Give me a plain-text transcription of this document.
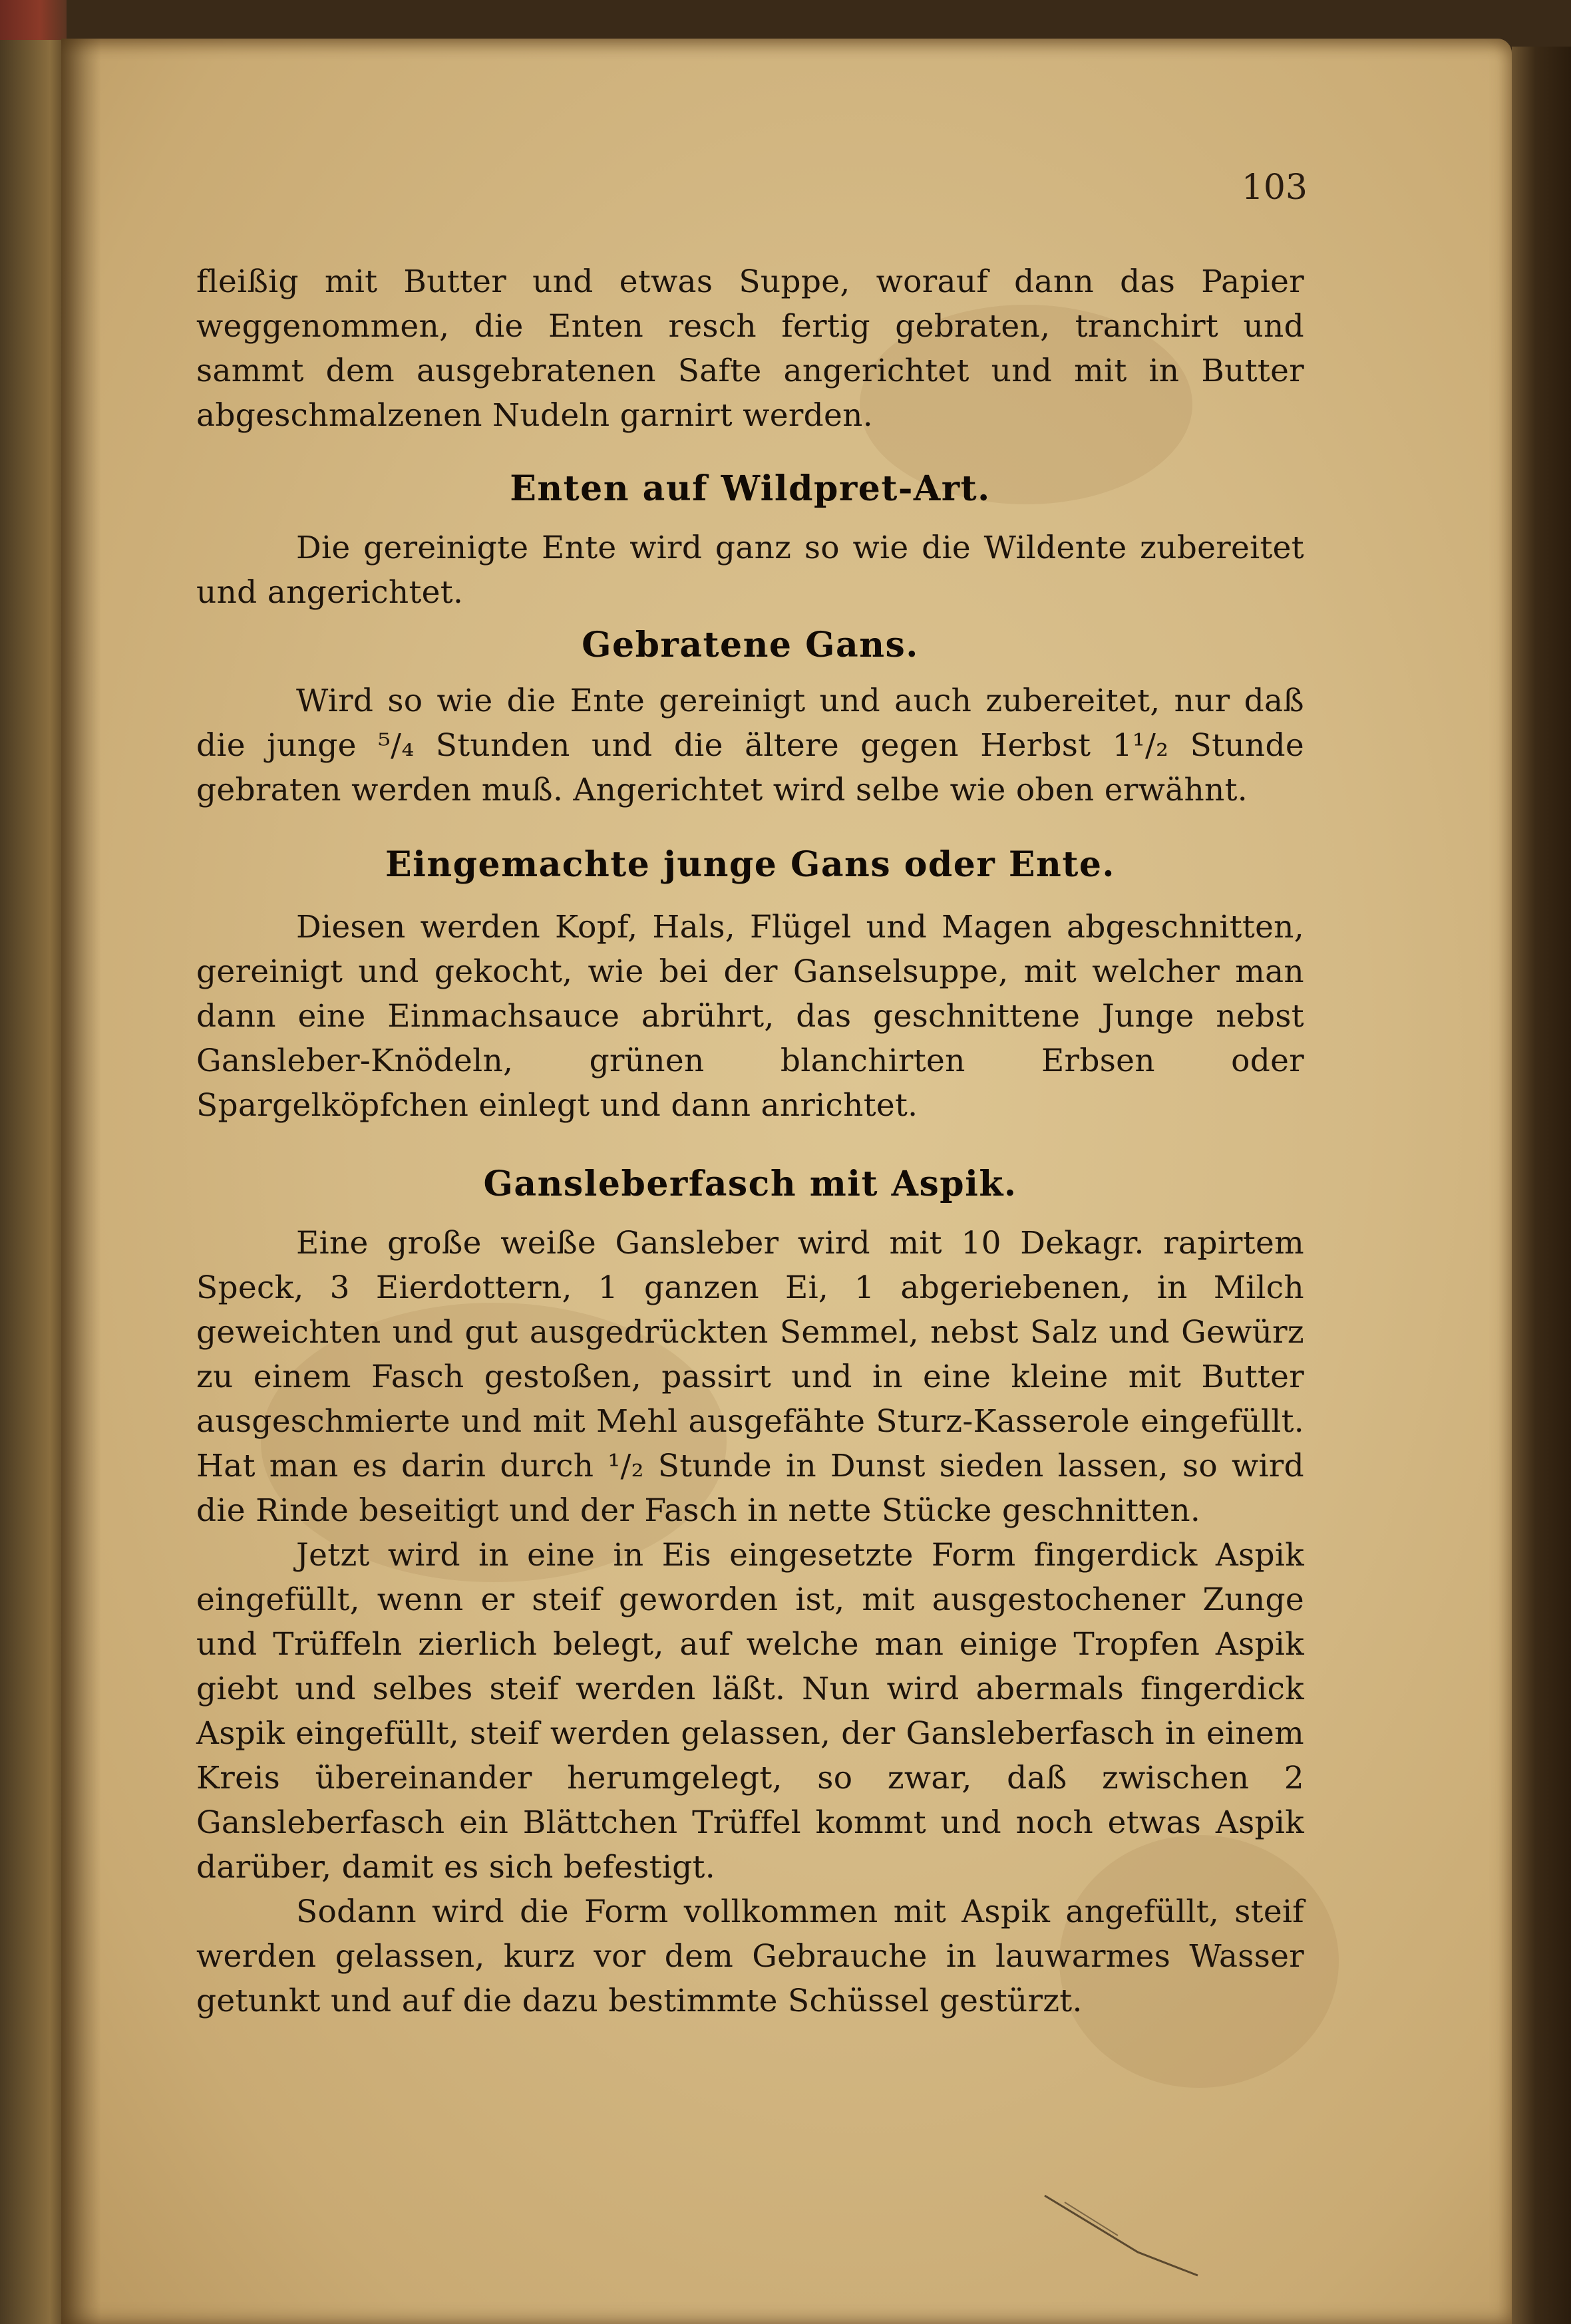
103

fleißig mit Butter und etwas Suppe, worauf dann das Papier weggenommen, die Enten resch fertig gebraten, tranchirt und sammt dem ausgebratenen Safte angerichtet und mit in Butter abgeschmalzenen Nudeln garnirt werden.

Enten auf Wildpret-Art.

Die gereinigte Ente wird ganz so wie die Wildente zubereitet und angerichtet.

Gebratene Gans.

Wird so wie die Ente gereinigt und auch zubereitet, nur daß die junge ⁵/₄ Stunden und die ältere gegen Herbst 1¹/₂ Stunde gebraten werden muß. Angerichtet wird selbe wie oben erwähnt.

Eingemachte junge Gans oder Ente.

Diesen werden Kopf, Hals, Flügel und Magen abgeschnitten, gereinigt und gekocht, wie bei der Ganselsuppe, mit welcher man dann eine Einmachsauce abrührt, das geschnittene Junge nebst Gansleber-Knödeln, grünen blanchirten Erbsen oder Spargelköpfchen einlegt und dann anrichtet.

Gansleberfasch mit Aspik.

Eine große weiße Gansleber wird mit 10 Dekagr. rapirtem Speck, 3 Eierdottern, 1 ganzen Ei, 1 abgeriebenen, in Milch geweichten und gut ausgedrückten Semmel, nebst Salz und Gewürz zu einem Fasch gestoßen, passirt und in eine kleine mit Butter ausgeschmierte und mit Mehl ausgefähte Sturz-Kasserole eingefüllt. Hat man es darin durch ¹/₂ Stunde in Dunst sieden lassen, so wird die Rinde beseitigt und der Fasch in nette Stücke geschnitten.

Jetzt wird in eine in Eis eingesetzte Form fingerdick Aspik eingefüllt, wenn er steif geworden ist, mit ausgestochener Zunge und Trüffeln zierlich belegt, auf welche man einige Tropfen Aspik giebt und selbes steif werden läßt. Nun wird abermals fingerdick Aspik eingefüllt, steif werden gelassen, der Gansleberfasch in einem Kreis übereinander herumgelegt, so zwar, daß zwischen 2 Gansleberfasch ein Blättchen Trüffel kommt und noch etwas Aspik darüber, damit es sich befestigt.

Sodann wird die Form vollkommen mit Aspik angefüllt, steif werden gelassen, kurz vor dem Gebrauche in lauwarmes Wasser getunkt und auf die dazu bestimmte Schüssel gestürzt.
